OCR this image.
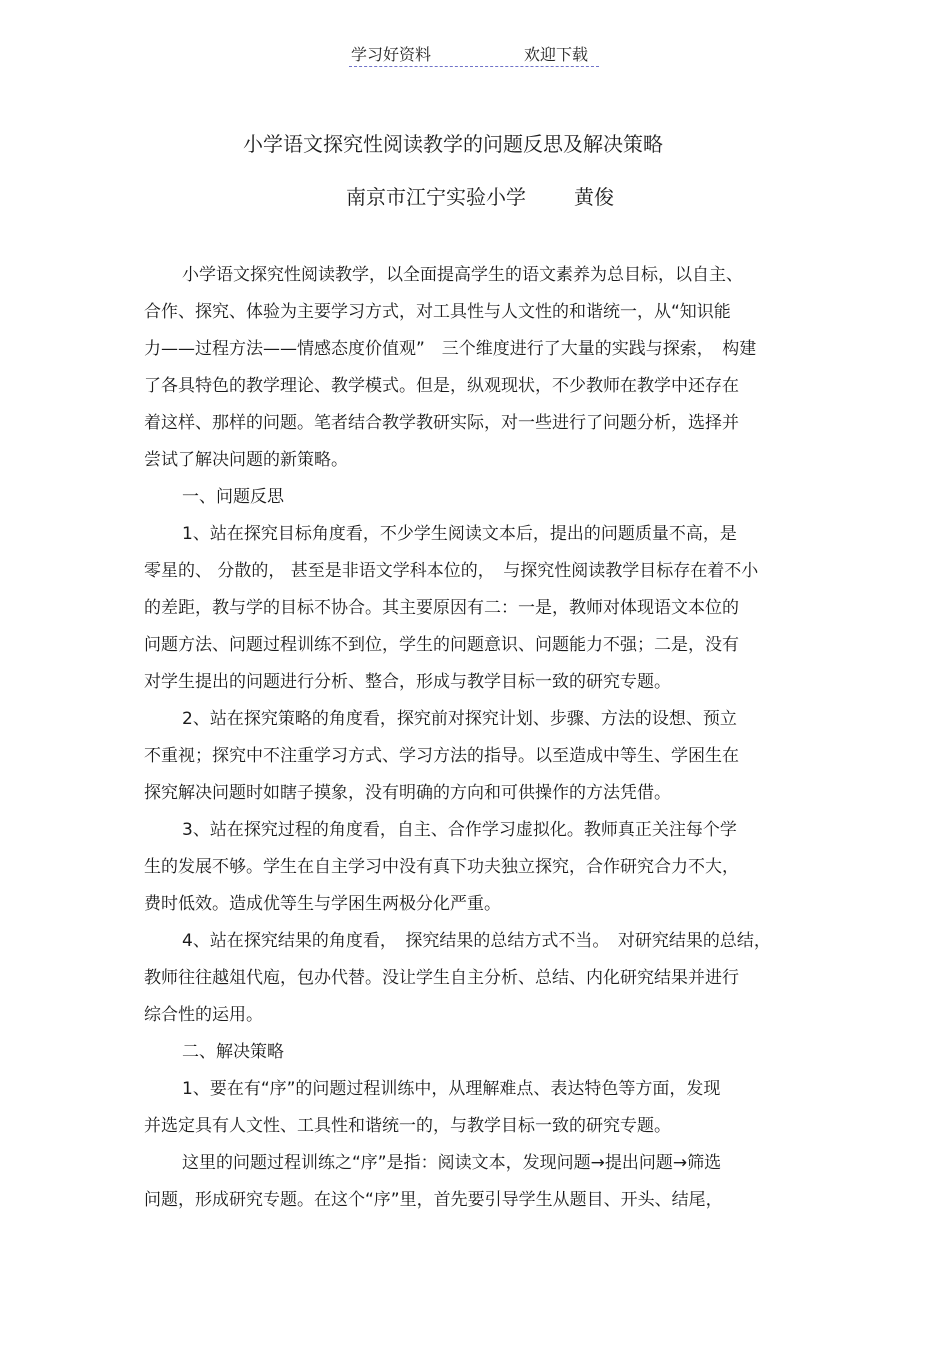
学习好资料	欢迎下载
小学语文探究性阅读教学的问题反思及解决策略
南京市江宁实验小学 黄俊
小学语文探究性阅读教学，以全面提高学生的语文素养为总目标，以自主、
合作、探究、体验为主要学习方式，对工具性与人文性的和谐统一，从“知识能
力——过程方法——情感态度价值观”　三个维度进行了大量的实践与探索，　构建
了各具特色的教学理论、教学模式。但是，纵观现状，不少教师在教学中还存在
着这样、那样的问题。笔者结合教学教研实际，对一些进行了问题分析，选择并
尝试了解决问题的新策略。
一、问题反思
1、站在探究目标角度看，不少学生阅读文本后，提出的问题质量不高，是
零星的、 分散的， 甚至是非语文学科本位的，　与探究性阅读教学目标存在着不小
的差距，教与学的目标不协合。其主要原因有二：一是，教师对体现语文本位的
问题方法、问题过程训练不到位，学生的问题意识、问题能力不强；二是，没有
对学生提出的问题进行分析、整合，形成与教学目标一致的研究专题。
2、站在探究策略的角度看，探究前对探究计划、步骤、方法的设想、预立
不重视；探究中不注重学习方式、学习方法的指导。以至造成中等生、学困生在
探究解决问题时如瞎子摸象，没有明确的方向和可供操作的方法凭借。
3、站在探究过程的角度看，自主、合作学习虚拟化。教师真正关注每个学
生的发展不够。学生在自主学习中没有真下功夫独立探究，合作研究合力不大，
费时低效。造成优等生与学困生两极分化严重。
4、站在探究结果的角度看，　探究结果的总结方式不当。　对研究结果的总结，
教师往往越俎代庖，包办代替。没让学生自主分析、总结、内化研究结果并进行
综合性的运用。
二、解决策略
1、要在有“序”的问题过程训练中，从理解难点、表达特色等方面，发现
并选定具有人文性、工具性和谐统一的，与教学目标一致的研究专题。
这里的问题过程训练之“序”是指：阅读文本，发现问题→提出问题→筛选
问题，形成研究专题。在这个“序”里，首先要引导学生从题目、开头、结尾，
